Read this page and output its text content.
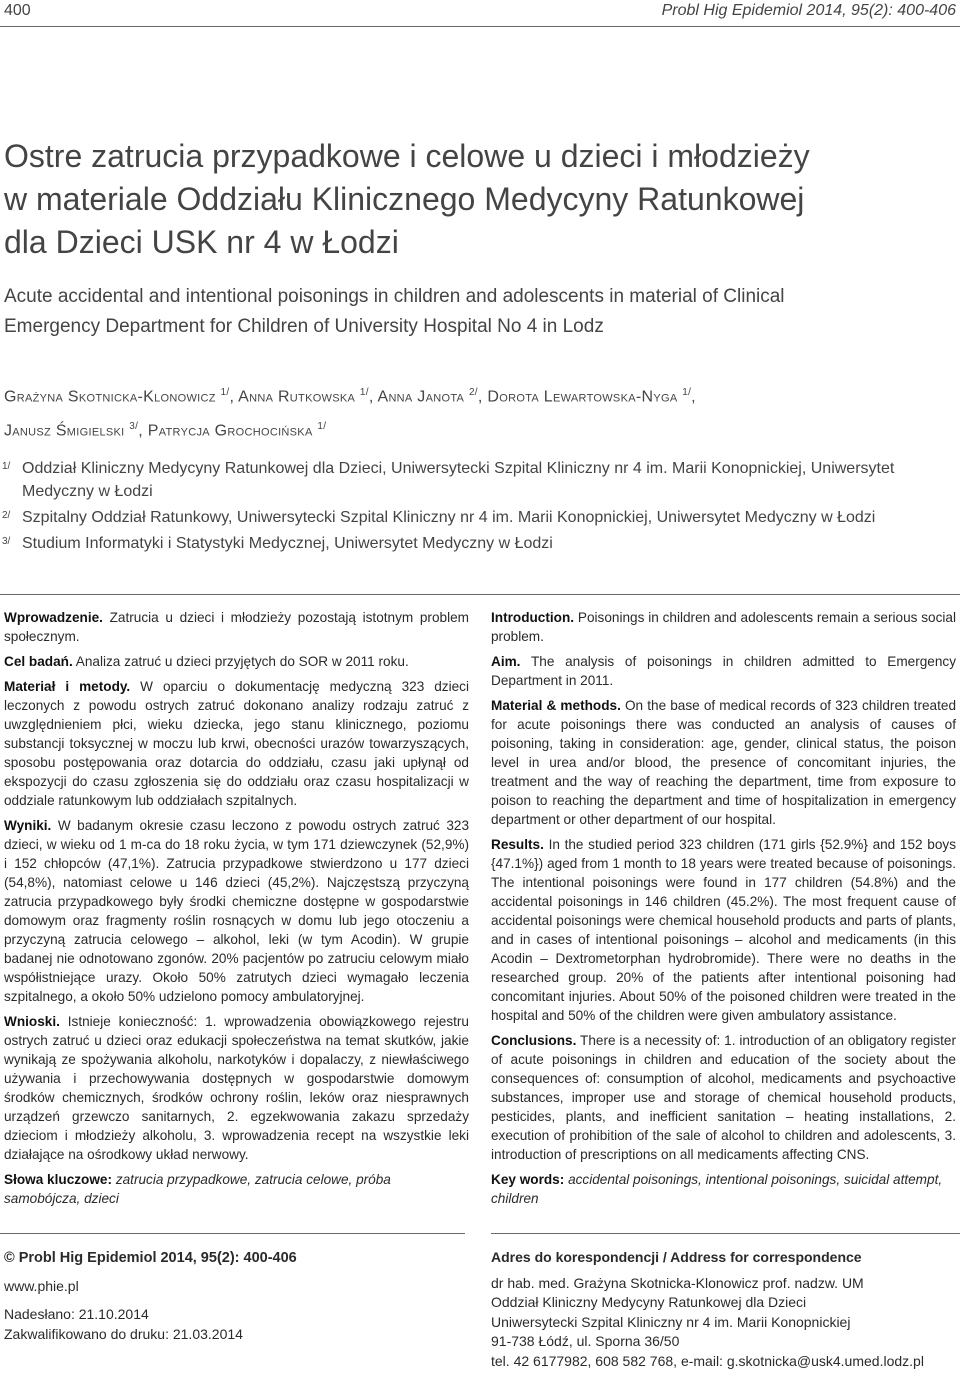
400	Probl Hig Epidemiol 2014, 95(2): 400-406
Ostre zatrucia przypadkowe i celowe u dzieci i młodzieży
w materiale Oddziału Klinicznego Medycyny Ratunkowej
dla Dzieci USK nr 4 w Łodzi
Acute accidental and intentional poisonings in children and adolescents in material of Clinical
Emergency Department for Children of University Hospital No 4 in Lodz
Grażyna Skotnicka-Klonowicz $^{1/}$, Anna Rutkowska $^{1/}$, Anna Janota $^{2/}$, Dorota Lewartowska-Nyga $^{1/}$,
Janusz Śmigielski $^{3/}$, Patrycja Grochocińska $^{1/}$
1/ Oddział Kliniczny Medycyny Ratunkowej dla Dzieci, Uniwersytecki Szpital Kliniczny nr 4 im. Marii Konopnickiej, Uniwersytet Medyczny w Łodzi
2/ Szpitalny Oddział Ratunkowy, Uniwersytecki Szpital Kliniczny nr 4 im. Marii Konopnickiej, Uniwersytet Medyczny w Łodzi
3/ Studium Informatyki i Statystyki Medycznej, Uniwersytet Medyczny w Łodzi

Wprowadzenie. Zatrucia u dzieci i młodzieży pozostają istotnym problem społecznym.

Cel badań. Analiza zatruć u dzieci przyjętych do SOR w 2011 roku.

Materiał i metody. W oparciu o dokumentację medyczną 323 dzieci leczonych z powodu ostrych zatruć dokonano analizy rodzaju zatruć z uwzględnieniem płci, wieku dziecka, jego stanu klinicznego, poziomu substancji toksycznej w moczu lub krwi, obecności urazów towarzyszących, sposobu postępowania oraz dotarcia do oddziału, czasu jaki upłynął od ekspozycji do czasu zgłoszenia się do oddziału oraz czasu hospitalizacji w oddziale ratunkowym lub oddziałach szpitalnych.

Wyniki. W badanym okresie czasu leczono z powodu ostrych zatruć 323 dzieci, w wieku od 1 m-ca do 18 roku życia, w tym 171 dziewczynek (52,9%) i 152 chłopców (47,1%). Zatrucia przypadkowe stwierdzono u 177 dzieci (54,8%), natomiast celowe u 146 dzieci (45,2%). Najczęstszą przyczyną zatrucia przypadkowego były środki chemiczne dostępne w gospodarstwie domowym oraz fragmenty roślin rosnących w domu lub jego otoczeniu a przyczyną zatrucia celowego – alkohol, leki (w tym Acodin). W grupie badanej nie odnotowano zgonów. 20% pacjentów po zatruciu celowym miało współistniejące urazy. Około 50% zatrutych dzieci wymagało leczenia szpitalnego, a około 50% udzielono pomocy ambulatoryjnej.

Wnioski. Istnieje konieczność: 1. wprowadzenia obowiązkowego rejestru ostrych zatruć u dzieci oraz edukacji społeczeństwa na temat skutków, jakie wynikają ze spożywania alkoholu, narkotyków i dopalaczy, z niewłaściwego używania i przechowywania dostępnych w gospodarstwie domowym środków chemicznych, środków ochrony roślin, leków oraz niesprawnych urządzeń grzewczo sanitarnych, 2. egzekwowania zakazu sprzedaży dzieciom i młodzieży alkoholu, 3. wprowadzenia recept na wszystkie leki działające na ośrodkowy układ nerwowy.

Słowa kluczowe: zatrucia przypadkowe, zatrucia celowe, próba samobójcza, dzieci

Introduction. Poisonings in children and adolescents remain a serious social problem.

Aim. The analysis of poisonings in children admitted to Emergency Department in 2011.

Material & methods. On the base of medical records of 323 children treated for acute poisonings there was conducted an analysis of causes of poisoning, taking in consideration: age, gender, clinical status, the poison level in urea and/or blood, the presence of concomitant injuries, the treatment and the way of reaching the department, time from exposure to poison to reaching the department and time of hospitalization in emergency department or other department of our hospital.

Results. In the studied period 323 children (171 girls {52.9%} and 152 boys {47.1%}) aged from 1 month to 18 years were treated because of poisonings. The intentional poisonings were found in 177 children (54.8%) and the accidental poisonings in 146 children (45.2%). The most frequent cause of accidental poisonings were chemical household products and parts of plants, and in cases of intentional poisonings – alcohol and medicaments (in this Acodin – Dextrometorphan hydrobromide). There were no deaths in the researched group. 20% of the patients after intentional poisoning had concomitant injuries. About 50% of the poisoned children were treated in the hospital and 50% of the children were given ambulatory assistance.

Conclusions. There is a necessity of: 1. introduction of an obligatory register of acute poisonings in children and education of the society about the consequences of: consumption of alcohol, medicaments and psychoactive substances, improper use and storage of chemical household products, pesticides, plants, and inefficient sanitation – heating installations, 2. execution of prohibition of the sale of alcohol to children and adolescents, 3. introduction of prescriptions on all medicaments affecting CNS.

Key words: accidental poisonings, intentional poisonings, suicidal attempt, children

© Probl Hig Epidemiol 2014, 95(2): 400-406
www.phie.pl
Nadesłano: 21.10.2014
Zakwalifikowano do druku: 21.03.2014
Adres do korespondencji / Address for correspondence
dr hab. med. Grażyna Skotnicka-Klonowicz prof. nadzw. UM
Oddział Kliniczny Medycyny Ratunkowej dla Dzieci
Uniwersytecki Szpital Kliniczny nr 4 im. Marii Konopnickiej
91-738 Łódź, ul. Sporna 36/50
tel. 42 6177982, 608 582 768, e-mail: g.skotnicka@usk4.umed.lodz.pl
